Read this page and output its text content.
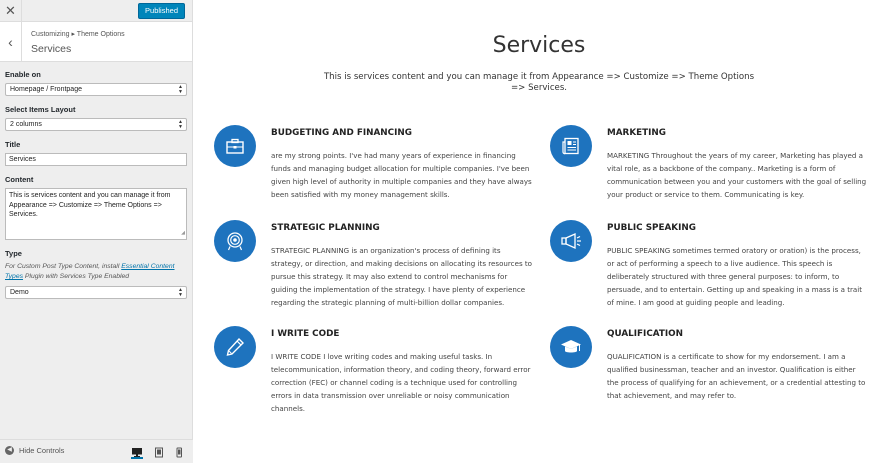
✕	Published
‹	Customizing ▸ Theme Options
Services
Enable on
Homepage / Frontpage	▲
▼
Select Items Layout
2 columns	▲
▼
Title
Services
Content
This is services content and you can manage it from Appearance => Customize => Theme Options => Services.
◢
Type
For Custom Post Type Content, install Essential Content Types Plugin with Services Type Enabled
Demo	▲
▼
◀ Hide Controls
Services

This is services content and you can manage it from Appearance => Customize => Theme Options => Services.

BUDGETING AND FINANCING
are my strong points. I've had many years of experience in financing funds and managing budget allocation for multiple companies. I've been given high level of authority in multiple companies and they have always been satisfied with my money management skills.
MARKETING
MARKETING Throughout the years of my career, Marketing has played a vital role, as a backbone of the company.. Marketing is a form of communication between you and your customers with the goal of selling your product or service to them. Communicating is key.
STRATEGIC PLANNING
STRATEGIC PLANNING is an organization's process of defining its strategy, or direction, and making decisions on allocating its resources to pursue this strategy. It may also extend to control mechanisms for guiding the implementation of the strategy. I have plenty of experience regarding the strategic planning of multi-billion dollar companies.
PUBLIC SPEAKING
PUBLIC SPEAKING sometimes termed oratory or oration) is the process, or act of performing a speech to a live audience. This speech is deliberately structured with three general purposes: to inform, to persuade, and to entertain. Getting up and speaking in a mass is a trait of mine. I am good at guiding people and leading.
I WRITE CODE
I WRITE CODE I love writing codes and making useful tasks. In telecommunication, information theory, and coding theory, forward error correction (FEC) or channel coding is a technique used for controlling errors in data transmission over unreliable or noisy communication channels.
QUALIFICATION
QUALIFICATION is a certificate to show for my endorsement. I am a qualified businessman, teacher and an investor. Qualification is either the process of qualifying for an achievement, or a credential attesting to that achievement, and may refer to.
